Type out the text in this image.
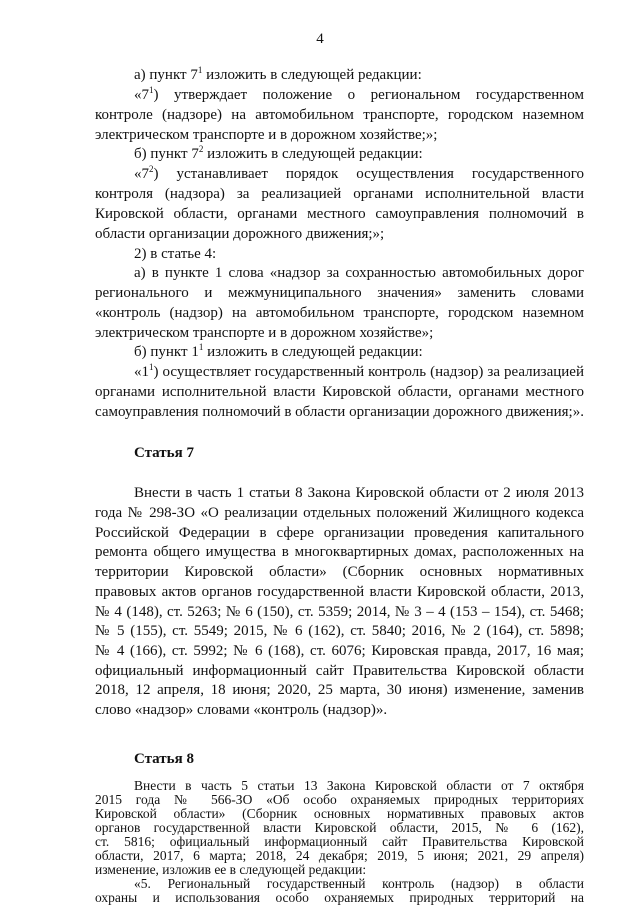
4
а) пункт $7^1$ изложить в следующей редакции:
«$7^1$) утверждает положение о региональном государственном
контроле (надзоре) на автомобильном транспорте, городском наземном
электрическом транспорте и в дорожном хозяйстве;»;
б) пункт $7^2$ изложить в следующей редакции:
«$7^2$) устанавливает порядок осуществления государственного
контроля (надзора) за реализацией органами исполнительной власти
Кировской области, органами местного самоуправления полномочий в
области организации дорожного движения;»;
2) в статье 4:
а) в пункте 1 слова «надзор за сохранностью автомобильных дорог
регионального и межмуниципального значения» заменить словами
«контроль (надзор) на автомобильном транспорте, городском наземном
электрическом транспорте и в дорожном хозяйстве»;
б) пункт $1^1$ изложить в следующей редакции:
«$1^1$) осуществляет государственный контроль (надзор) за реализацией
органами исполнительной власти Кировской области, органами местного
самоуправления полномочий в области организации дорожного движения;».
Статья 7
Внести в часть 1 статьи 8 Закона Кировской области от 2 июля 2013
года № 298-ЗО «О реализации отдельных положений Жилищного кодекса
Российской Федерации в сфере организации проведения капитального
ремонта общего имущества в многоквартирных домах, расположенных на
территории Кировской области» (Сборник основных нормативных
правовых актов органов государственной власти Кировской области, 2013,
№ 4 (148), ст. 5263; № 6 (150), ст. 5359; 2014, № 3 – 4 (153 – 154), ст. 5468;
№ 5 (155), ст. 5549; 2015, № 6 (162), ст. 5840; 2016, № 2 (164), ст. 5898;
№ 4 (166), ст. 5992; № 6 (168), ст. 6076; Кировская правда, 2017, 16 мая;
официальный информационный сайт Правительства Кировской области
2018, 12 апреля, 18 июня; 2020, 25 марта, 30 июня) изменение, заменив
слово «надзор» словами «контроль (надзор)».
Статья 8
Внести в часть 5 статьи 13 Закона Кировской области от 7 октября
2015 года № 566-ЗО «Об особо охраняемых природных территориях
Кировской области» (Сборник основных нормативных правовых актов
органов государственной власти Кировской области, 2015, № 6 (162),
ст. 5816; официальный информационный сайт Правительства Кировской
области, 2017, 6 марта; 2018, 24 декабря; 2019, 5 июня; 2021, 29 апреля)
изменение, изложив ее в следующей редакции:
«5. Региональный государственный контроль (надзор) в области
охраны и использования особо охраняемых природных территорий на
